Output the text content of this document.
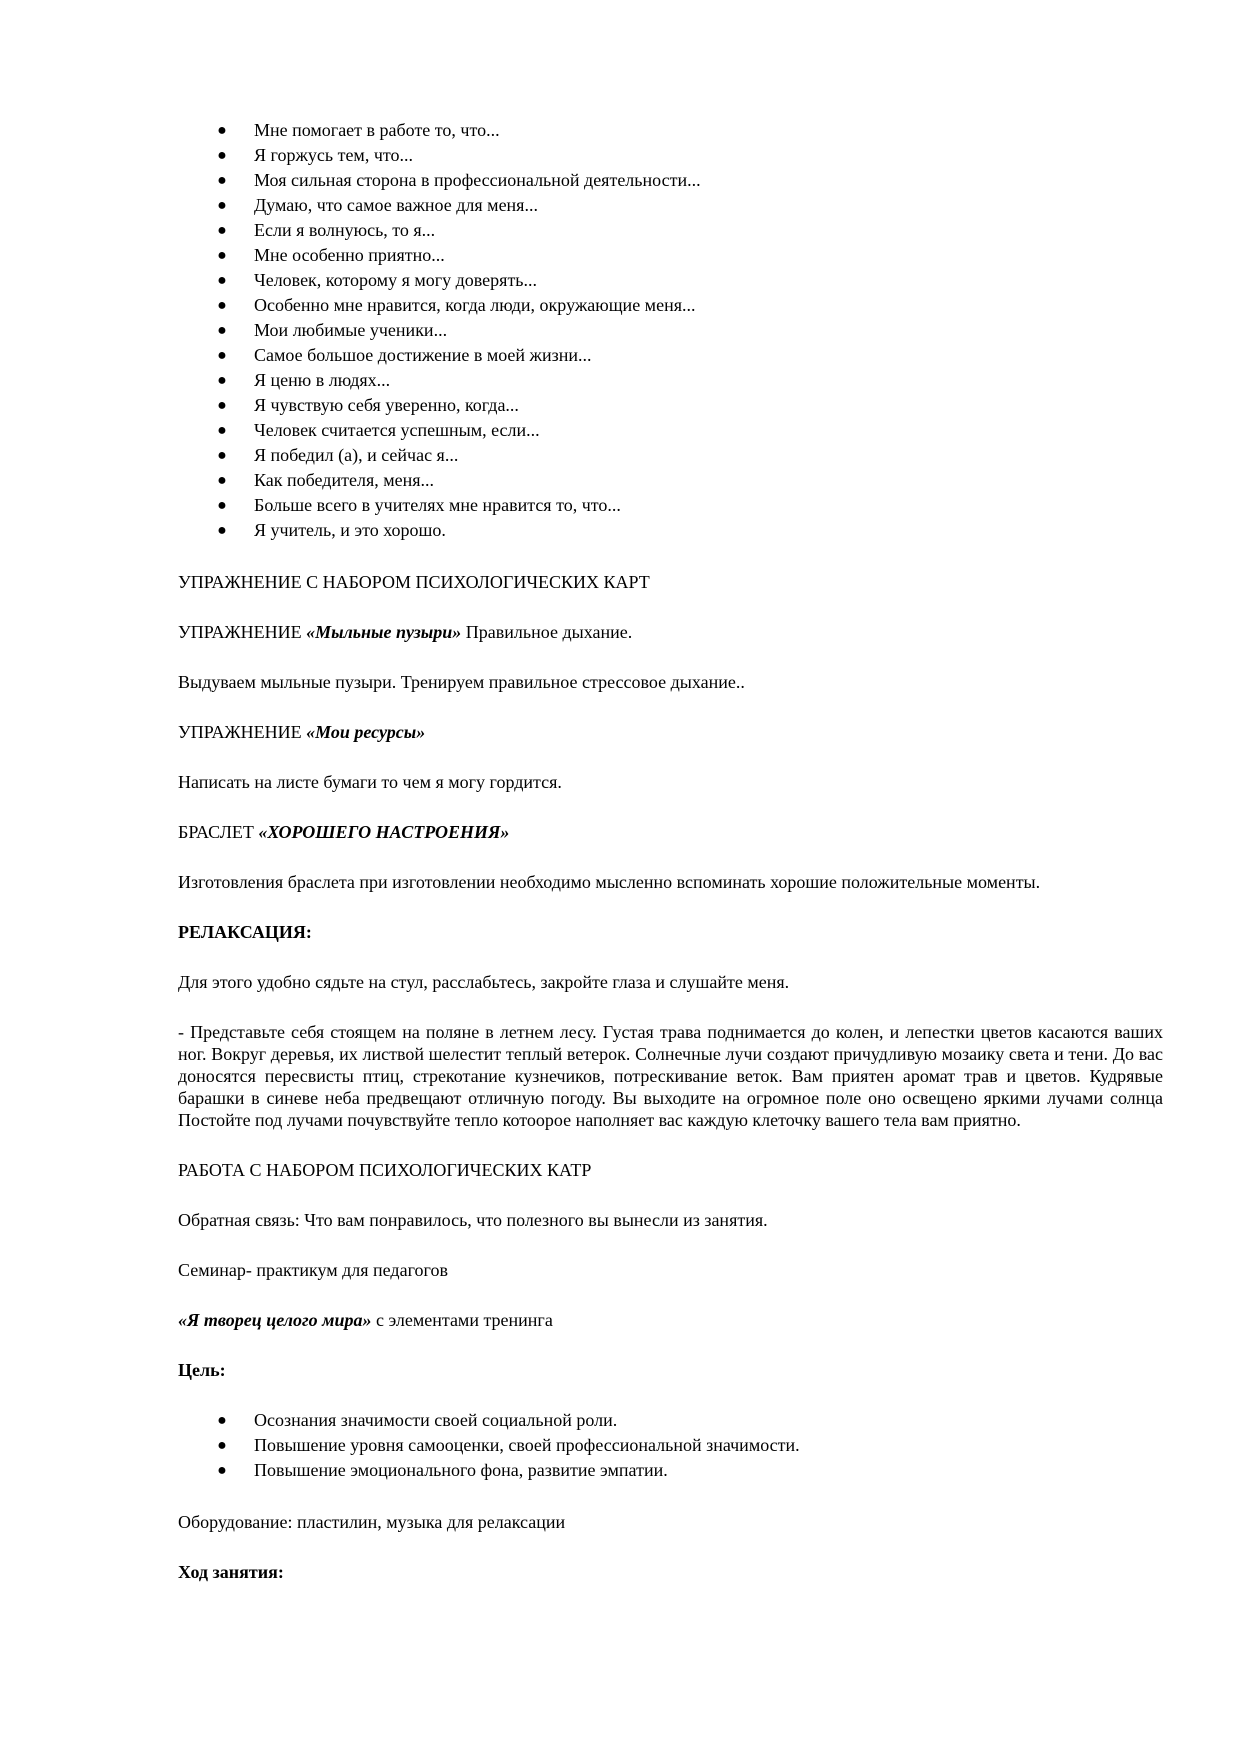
● Мне помогает в работе то, что...
● Я горжусь тем, что...
● Моя сильная сторона в профессиональной деятельности...
● Думаю, что самое важное для меня...
● Если я волнуюсь, то я...
● Мне особенно приятно...
● Человек, которому я могу доверять...
● Особенно мне нравится, когда люди, окружающие меня...
● Мои любимые ученики...
● Самое большое достижение в моей жизни...
● Я ценю в людях...
● Я чувствую себя уверенно, когда...
● Человек считается успешным, если...
● Я победил (а), и сейчас я...
● Как победителя, меня...
● Больше всего в учителях мне нравится то, что...
● Я учитель, и это хорошо.

УПРАЖНЕНИЕ С НАБОРОМ ПСИХОЛОГИЧЕСКИХ КАРТ

УПРАЖНЕНИЕ «Мыльные пузыри» Правильное дыхание.

Выдуваем мыльные пузыри. Тренируем правильное стрессовое дыхание..

УПРАЖНЕНИЕ «Мои ресурсы»

Написать на листе бумаги то чем я могу гордится.

БРАСЛЕТ «ХОРОШЕГО НАСТРОЕНИЯ»

Изготовления браслета при изготовлении необходимо мысленно вспоминать хорошие положительные моменты.

РЕЛАКСАЦИЯ:

Для этого удобно сядьте на стул, расслабьтесь, закройте глаза и слушайте меня.

- Представьте себя стоящем на поляне в летнем лесу. Густая трава поднимается до колен, и лепестки цветов касаются ваших ног. Вокруг деревья, их листвой шелестит теплый ветерок. Солнечные лучи создают причудливую мозаику света и тени. До вас доносятся пересвисты птиц, стрекотание кузнечиков, потрескивание веток. Вам приятен аромат трав и цветов. Кудрявые барашки в синеве неба предвещают отличную погоду. Вы выходите на огромное поле оно освещено яркими лучами солнца Постойте под лучами почувствуйте тепло котоорое наполняет вас каждую клеточку вашего тела вам приятно.

РАБОТА С НАБОРОМ ПСИХОЛОГИЧЕСКИХ КАТР

Обратная связь: Что вам понравилось, что полезного вы вынесли из занятия.

Семинар- практикум для педагогов

«Я творец целого мира» с элементами тренинга

Цель:

● Осознания значимости своей социальной роли.
● Повышение уровня самооценки, своей профессиональной значимости.
● Повышение эмоционального фона, развитие эмпатии.

Оборудование: пластилин, музыка для релаксации

Ход занятия:
